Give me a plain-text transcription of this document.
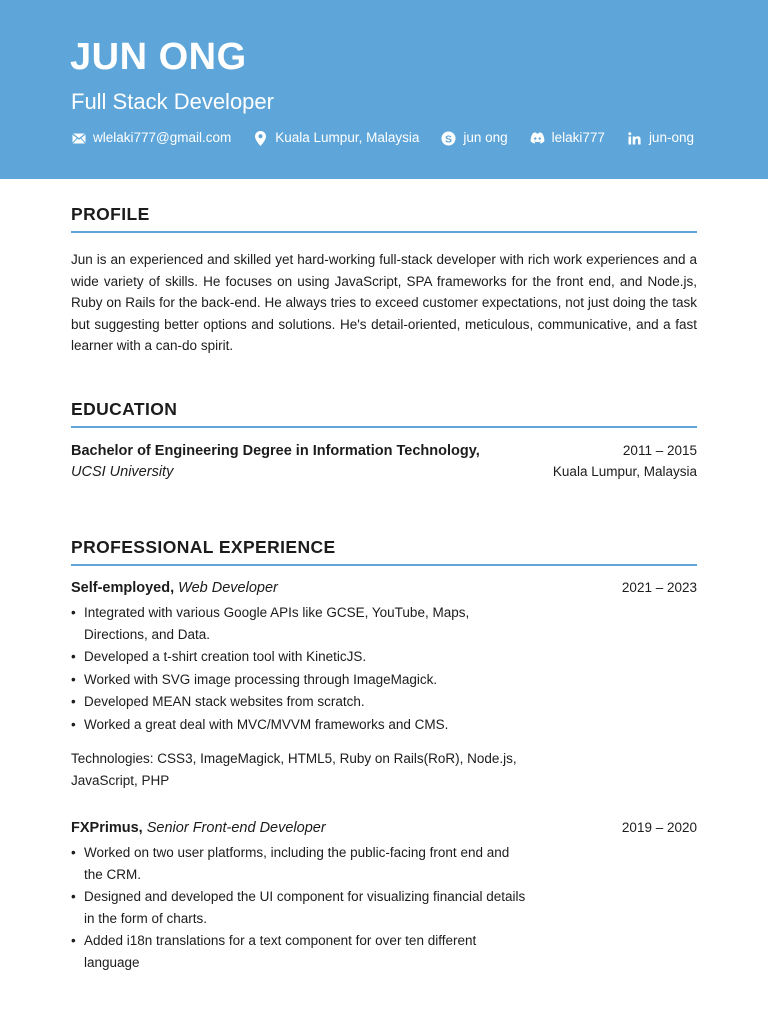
JUN ONG
Full Stack Developer
wlelaki777@gmail.com	Kuala Lumpur, Malaysia S jun ong	lelaki777	jun-ong
PROFILE
Jun is an experienced and skilled yet hard-working full-stack developer with rich work experiences and a wide variety of skills. He focuses on using JavaScript, SPA frameworks for the front end, and Node.js, Ruby on Rails for the back-end. He always tries to exceed customer expectations, not just doing the task but suggesting better options and solutions. He's detail-oriented, meticulous, communicative, and a fast learner with a can-do spirit.
EDUCATION
Bachelor of Engineering Degree in Information Technology,	2011 – 2015
UCSI University	Kuala Lumpur, Malaysia
PROFESSIONAL EXPERIENCE
Self-employed, Web Developer	2021 – 2023
• Integrated with various Google APIs like GCSE, YouTube, Maps, Directions, and Data.
• Developed a t-shirt creation tool with KineticJS.
• Worked with SVG image processing through ImageMagick.
• Developed MEAN stack websites from scratch.
• Worked a great deal with MVC/MVVM frameworks and CMS.
Technologies: CSS3, ImageMagick, HTML5, Ruby on Rails(RoR), Node.js, JavaScript, PHP
FXPrimus, Senior Front-end Developer	2019 – 2020
• Worked on two user platforms, including the public-facing front end and the CRM.
• Designed and developed the UI component for visualizing financial details in the form of charts.
• Added i18n translations for a text component for over ten different language
